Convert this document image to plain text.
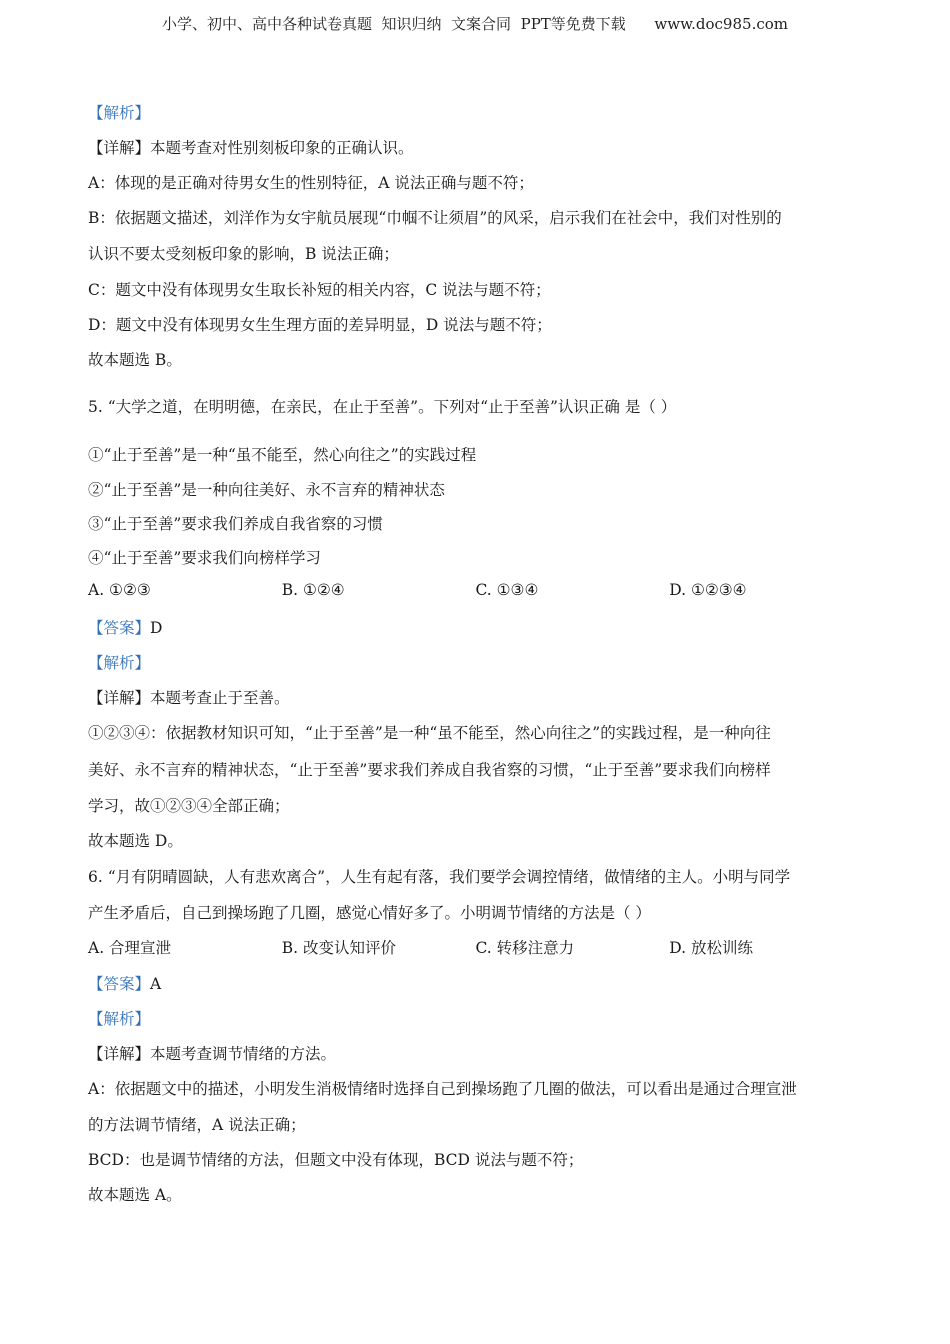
小学、初中、高中各种试卷真题  知识归纳  文案合同  PPT等免费下载      www.doc985.com
【解析】
【详解】本题考查对性别刻板印象的正确认识。
A：体现的是正确对待男女生的性别特征，A 说法正确与题不符；
B：依据题文描述，刘洋作为女宇航员展现“巾帼不让须眉”的风采，启示我们在社会中，我们对性别的
认识不要太受刻板印象的影响，B 说法正确；
C：题文中没有体现男女生取长补短的相关内容，C 说法与题不符；
D：题文中没有体现男女生生理方面的差异明显，D 说法与题不符；
故本题选 B。
5. “大学之道，在明明德，在亲民，在止于至善”。下列对“止于至善”认识正确 是（ ）
①“止于至善”是一种“虽不能至，然心向往之”的实践过程
②“止于至善”是一种向往美好、永不言弃的精神状态
③“止于至善”要求我们养成自我省察的习惯
④“止于至善”要求我们向榜样学习
A. ①②③	B. ①②④	C. ①③④	D. ①②③④
【答案】D
【解析】
【详解】本题考查止于至善。
①②③④：依据教材知识可知，“止于至善”是一种“虽不能至，然心向往之”的实践过程，是一种向往
美好、永不言弃的精神状态，“止于至善”要求我们养成自我省察的习惯，“止于至善”要求我们向榜样
学习，故①②③④全部正确；
故本题选 D。
6. “月有阴晴圆缺，人有悲欢离合”，人生有起有落，我们要学会调控情绪，做情绪的主人。小明与同学
产生矛盾后，自己到操场跑了几圈，感觉心情好多了。小明调节情绪的方法是（ ）
A. 合理宣泄	B. 改变认知评价	C. 转移注意力	D. 放松训练
【答案】A
【解析】
【详解】本题考查调节情绪的方法。
A：依据题文中的描述，小明发生消极情绪时选择自己到操场跑了几圈的做法，可以看出是通过合理宣泄
的方法调节情绪，A 说法正确；
BCD：也是调节情绪的方法，但题文中没有体现，BCD 说法与题不符；
故本题选 A。
